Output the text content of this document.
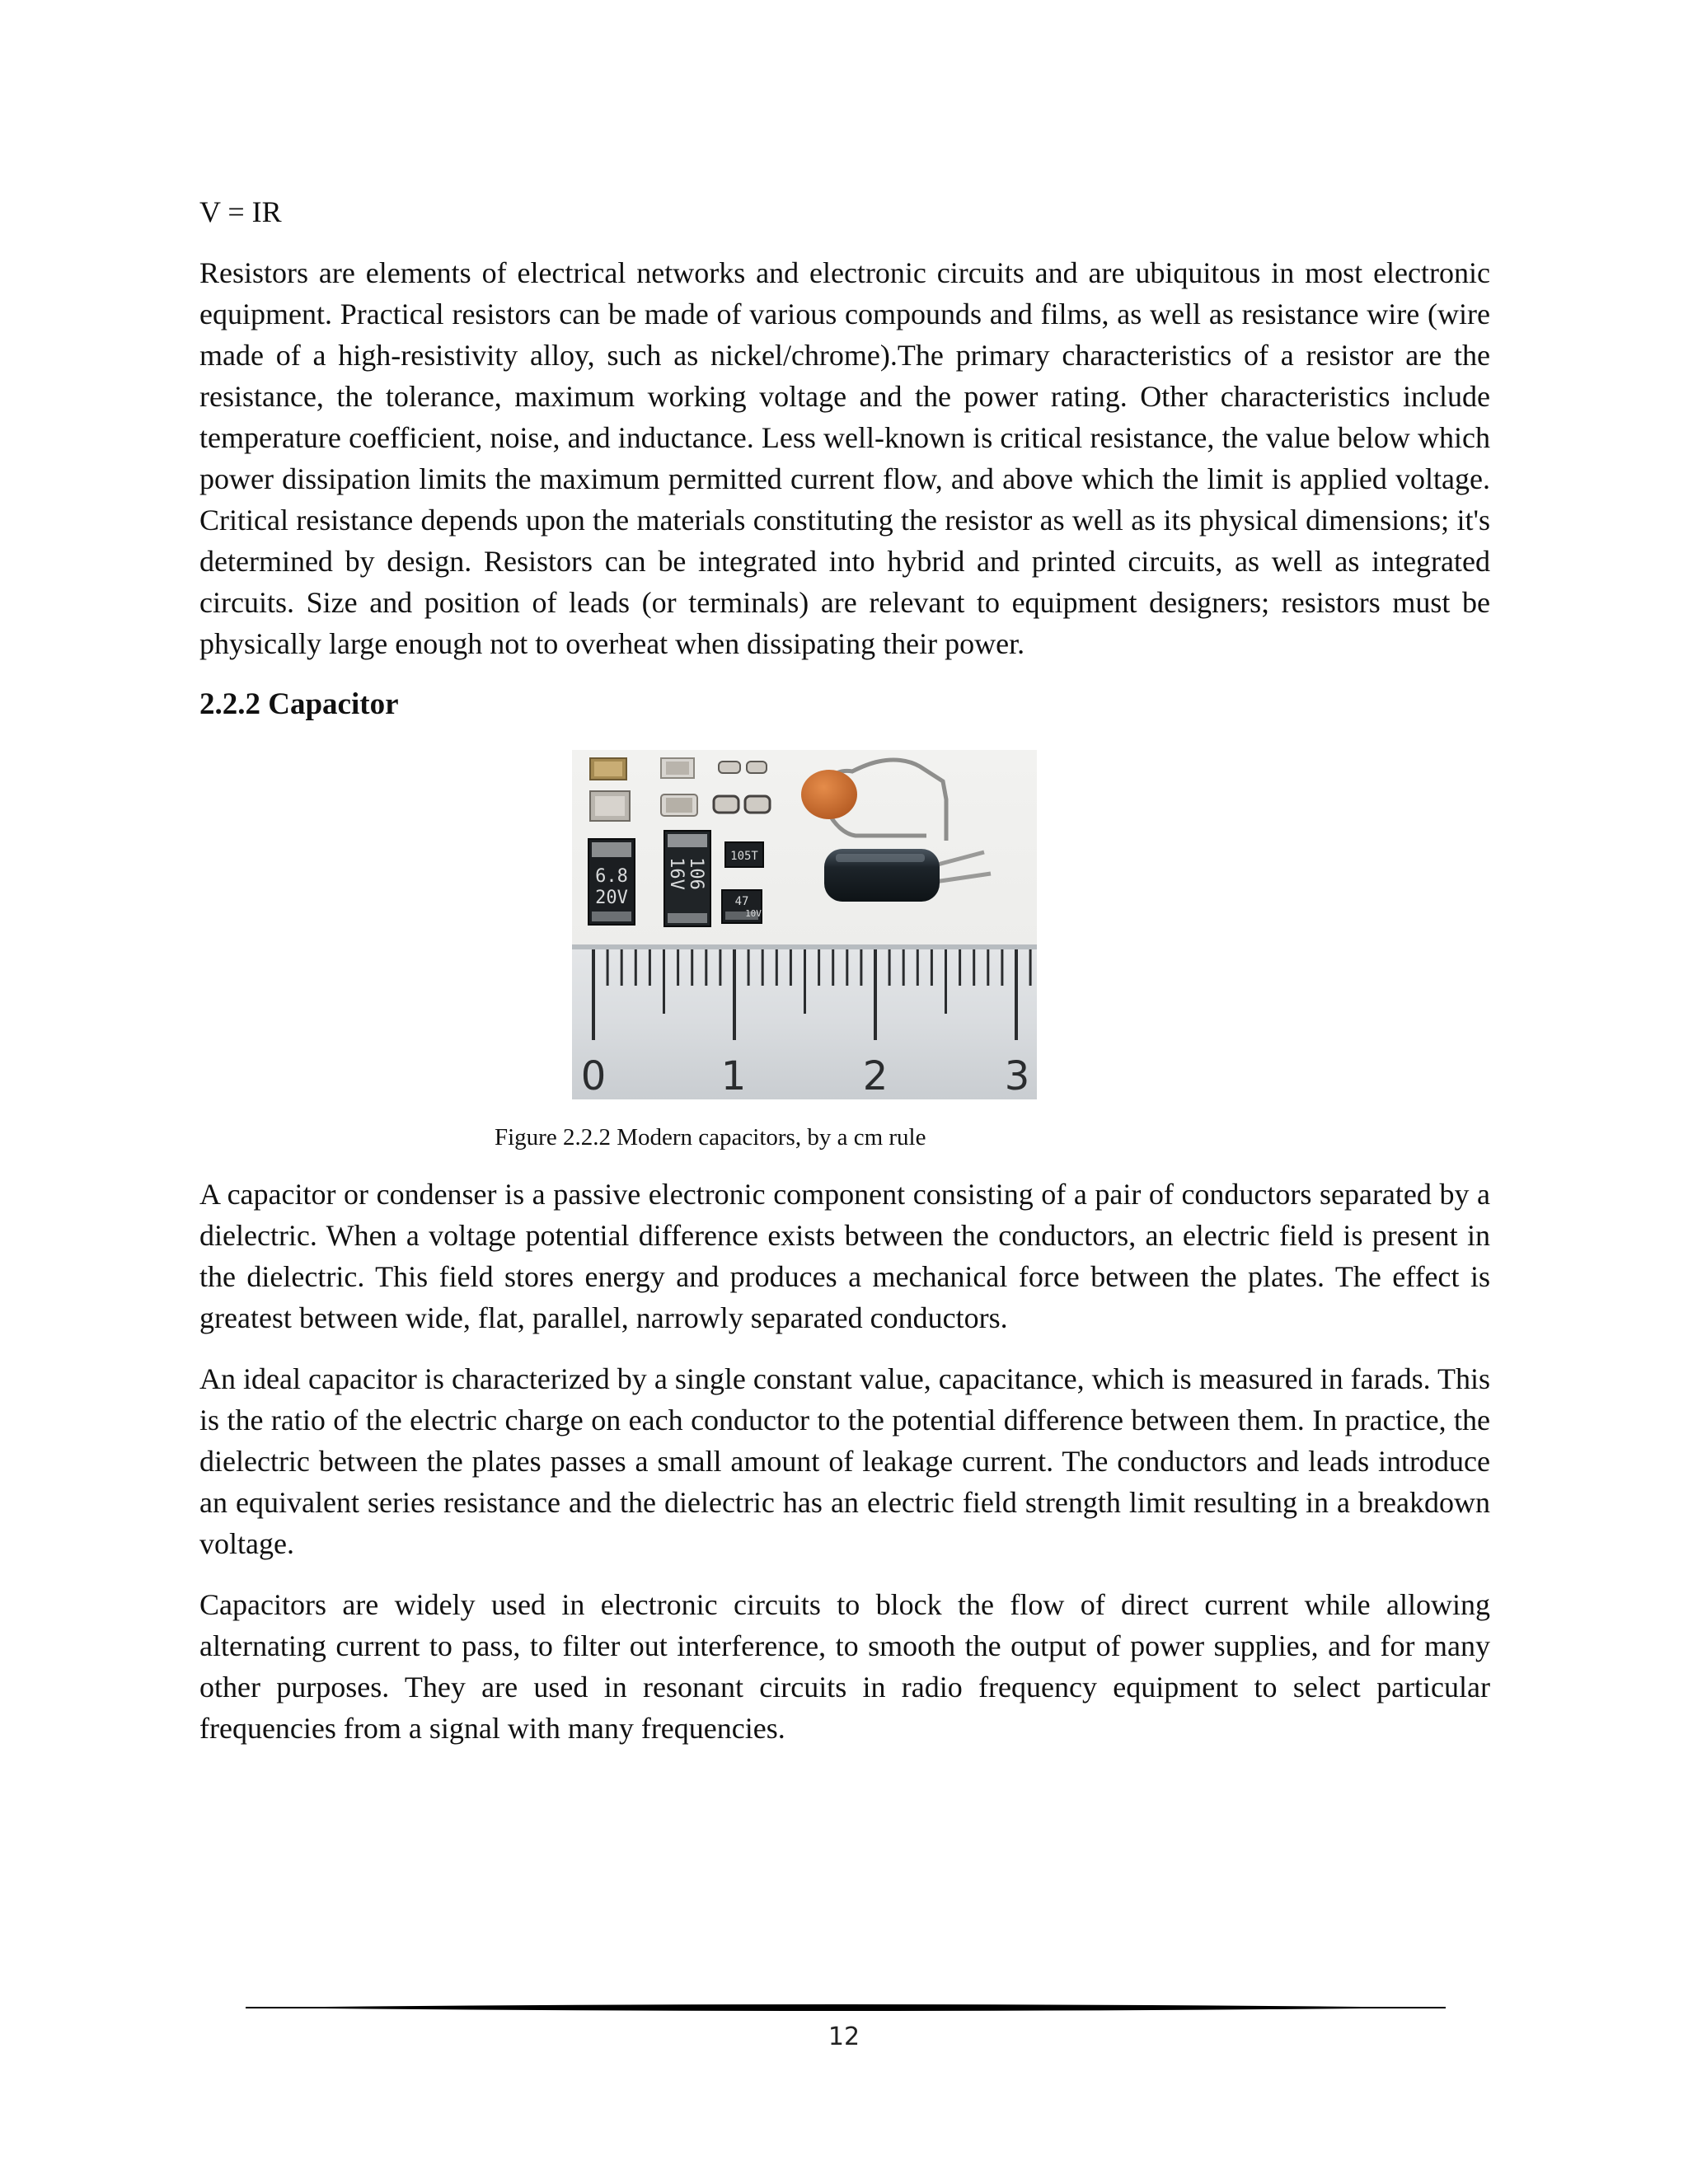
V = IR

Resistors are elements of electrical networks and electronic circuits and are ubiquitous in most electronic equipment. Practical resistors can be made of various compounds and films, as well as resistance wire (wire made of a high-resistivity alloy, such as nickel/chrome).The primary characteristics of a resistor are the resistance, the tolerance, maximum working voltage and the power rating. Other characteristics include temperature coefficient, noise, and inductance. Less well-known is critical resistance, the value below which power dissipation limits the maximum permitted current flow, and above which the limit is applied voltage. Critical resistance depends upon the materials constituting the resistor as well as its physical dimensions; it's determined by design. Resistors can be integrated into hybrid and printed circuits, as well as integrated circuits. Size and position of leads (or terminals) are relevant to equipment designers; resistors must be physically large enough not to overheat when dissipating their power.

2.2.2 Capacitor
6.8
20V
106
16V
105T
47
10V
0	1	2	3
Figure 2.2.2 Modern capacitors, by a cm rule

A capacitor or condenser is a passive electronic component consisting of a pair of conductors separated by a dielectric. When a voltage potential difference exists between the conductors, an electric field is present in the dielectric. This field stores energy and produces a mechanical force between the plates. The effect is greatest between wide, flat, parallel, narrowly separated conductors.

An ideal capacitor is characterized by a single constant value, capacitance, which is measured in farads. This is the ratio of the electric charge on each conductor to the potential difference between them. In practice, the dielectric between the plates passes a small amount of leakage current. The conductors and leads introduce an equivalent series resistance and the dielectric has an electric field strength limit resulting in a breakdown voltage.

Capacitors are widely used in electronic circuits to block the flow of direct current while allowing alternating current to pass, to filter out interference, to smooth the output of power supplies, and for many other purposes. They are used in resonant circuits in radio frequency equipment to select particular frequencies from a signal with many frequencies.

12
